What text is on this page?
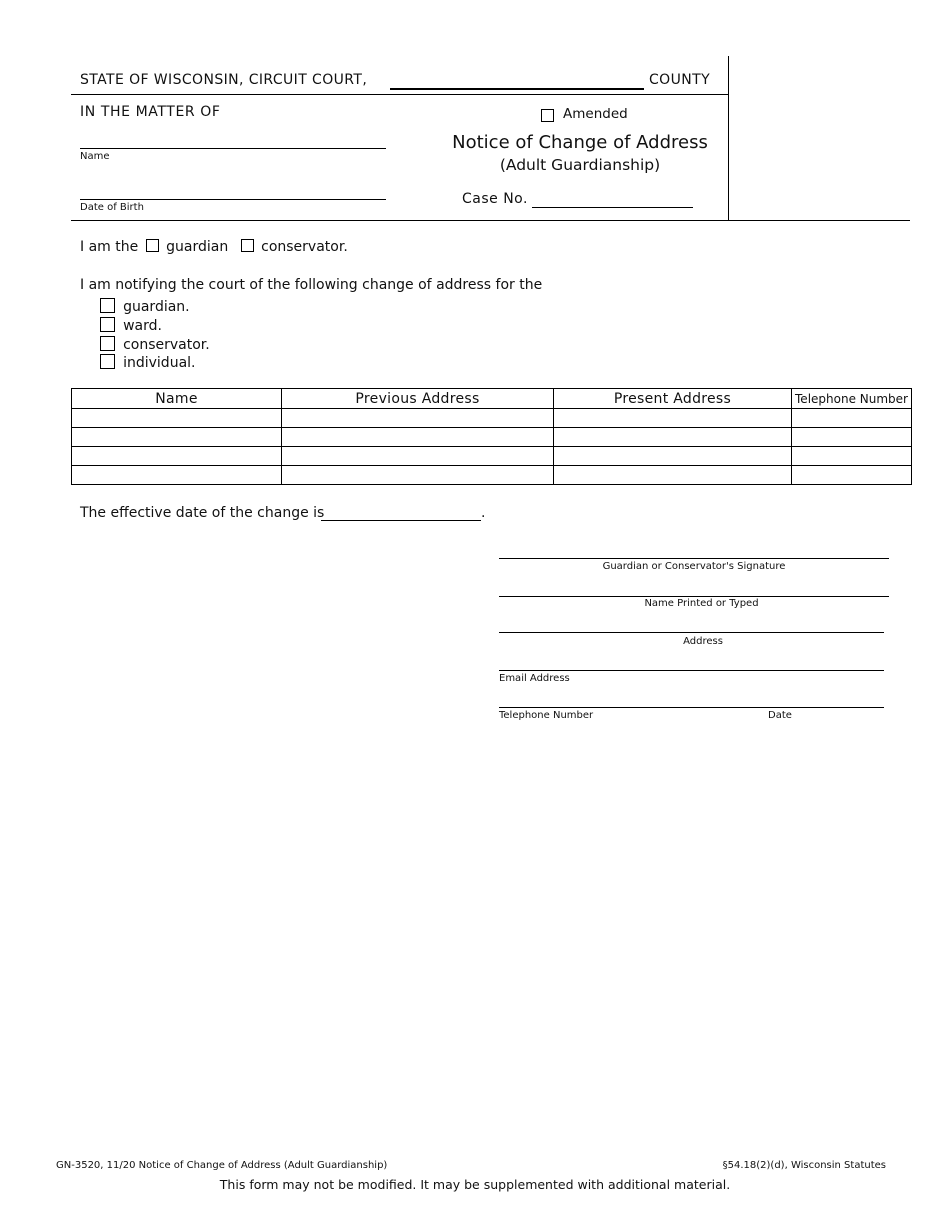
STATE OF WISCONSIN, CIRCUIT COURT,	COUNTY
IN THE MATTER OF
Name
Date of Birth
Amended
Notice of Change of Address
(Adult Guardianship)
Case No.
I am the guardian conservator.
I am notifying the court of the following change of address for the
guardian.
ward.
conservator.
individual.
Name	Previous Address	Present Address	Telephone Number

The effective date of the change is	.
Guardian or Conservator's Signature
Name Printed or Typed
Address
Email Address
Telephone Number	Date
GN-3520, 11/20 Notice of Change of Address (Adult Guardianship)	§54.18(2)(d), Wisconsin Statutes
This form may not be modified. It may be supplemented with additional material.
